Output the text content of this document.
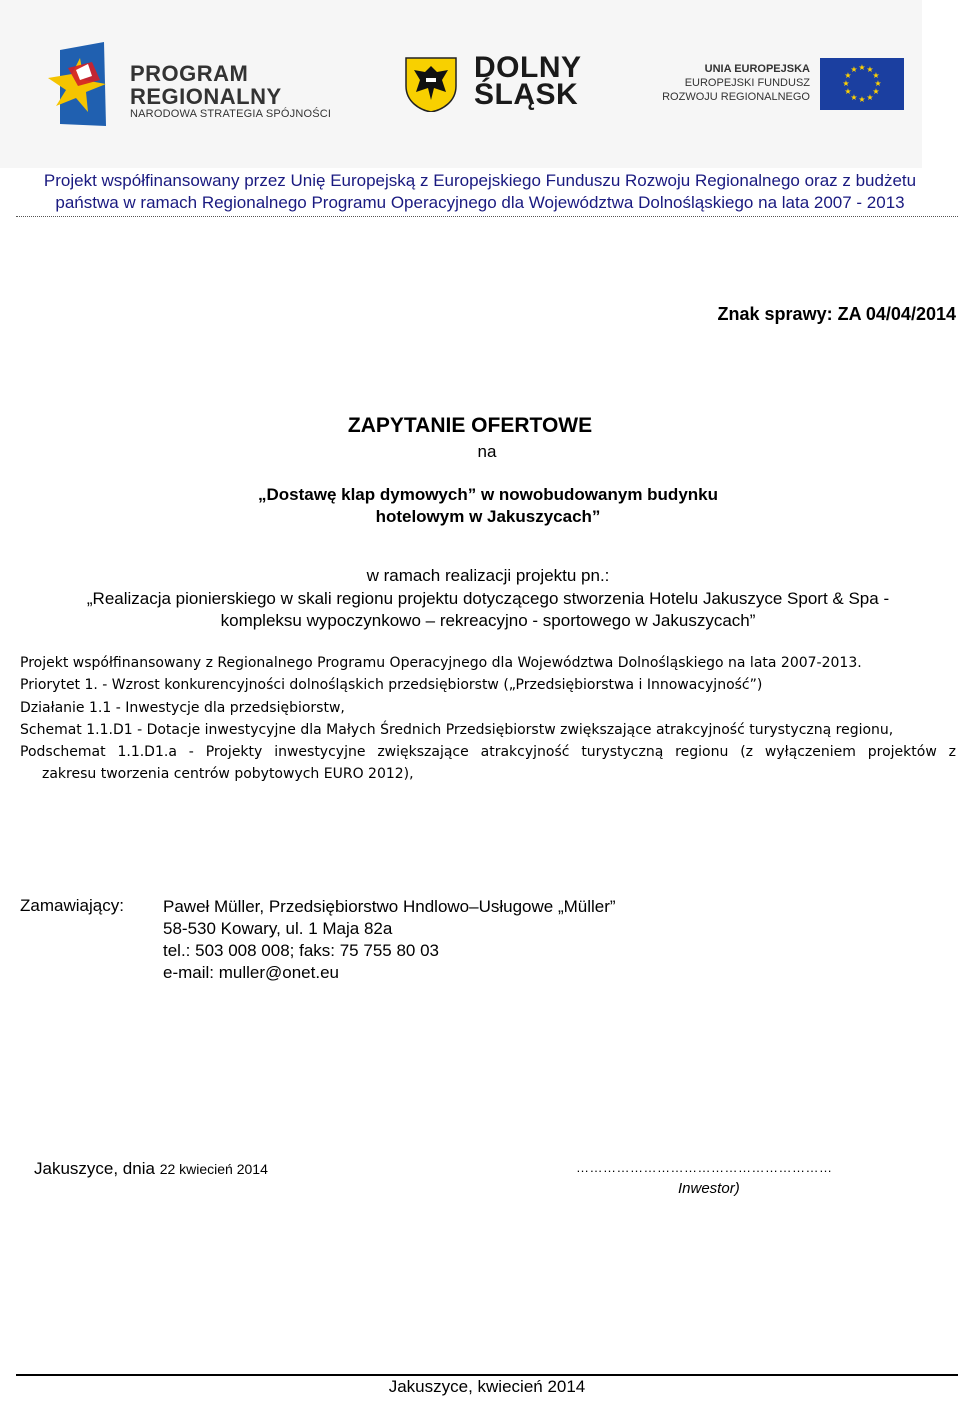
PROGRAM
REGIONALNY
NARODOWA STRATEGIA SPÓJNOŚCI
DOLNY
ŚLĄSK
UNIA EUROPEJSKA
EUROPEJSKI FUNDUSZ
ROZWOJU REGIONALNEGO
★ ★
★
★
★
★
★
★
★
★
★
★
Projekt współfinansowany przez Unię Europejską z Europejskiego Funduszu Rozwoju Regionalnego oraz z budżetu
państwa w ramach Regionalnego Programu Operacyjnego dla Województwa Dolnośląskiego na lata 2007 - 2013
Znak sprawy: ZA 04/04/2014
ZAPYTANIE OFERTOWE
na
„Dostawę klap dymowych” w nowobudowanym budynku
hotelowym w Jakuszycach”
w ramach realizacji projektu pn.:
„Realizacja pionierskiego w skali regionu projektu dotyczącego stworzenia Hotelu Jakuszyce Sport & Spa -
kompleksu wypoczynkowo – rekreacyjno - sportowego w Jakuszycach”
Projekt współfinansowany z Regionalnego Programu Operacyjnego dla Województwa Dolnośląskiego na lata 2007-2013.
Priorytet 1. - Wzrost konkurencyjności dolnośląskich przedsiębiorstw („Przedsiębiorstwa i Innowacyjność”)
Działanie 1.1 - Inwestycje dla przedsiębiorstw,
Schemat 1.1.D1 - Dotacje inwestycyjne dla Małych Średnich Przedsiębiorstw zwiększające atrakcyjność turystyczną regionu,
Podschemat 1.1.D1.a - Projekty inwestycyjne zwiększające atrakcyjność turystyczną regionu (z wyłączeniem projektów z
zakresu tworzenia centrów pobytowych EURO 2012),
Zamawiający: Paweł Müller, Przedsiębiorstwo Hndlowo–Usługowe „Müller”
58-530 Kowary, ul. 1 Maja 82a
tel.: 503 008 008; faks: 75 755 80 03
e-mail: muller@onet.eu
Jakuszyce, dnia 22 kwiecień 2014	…………………………………………………
Inwestor)
Jakuszyce, kwiecień 2014
